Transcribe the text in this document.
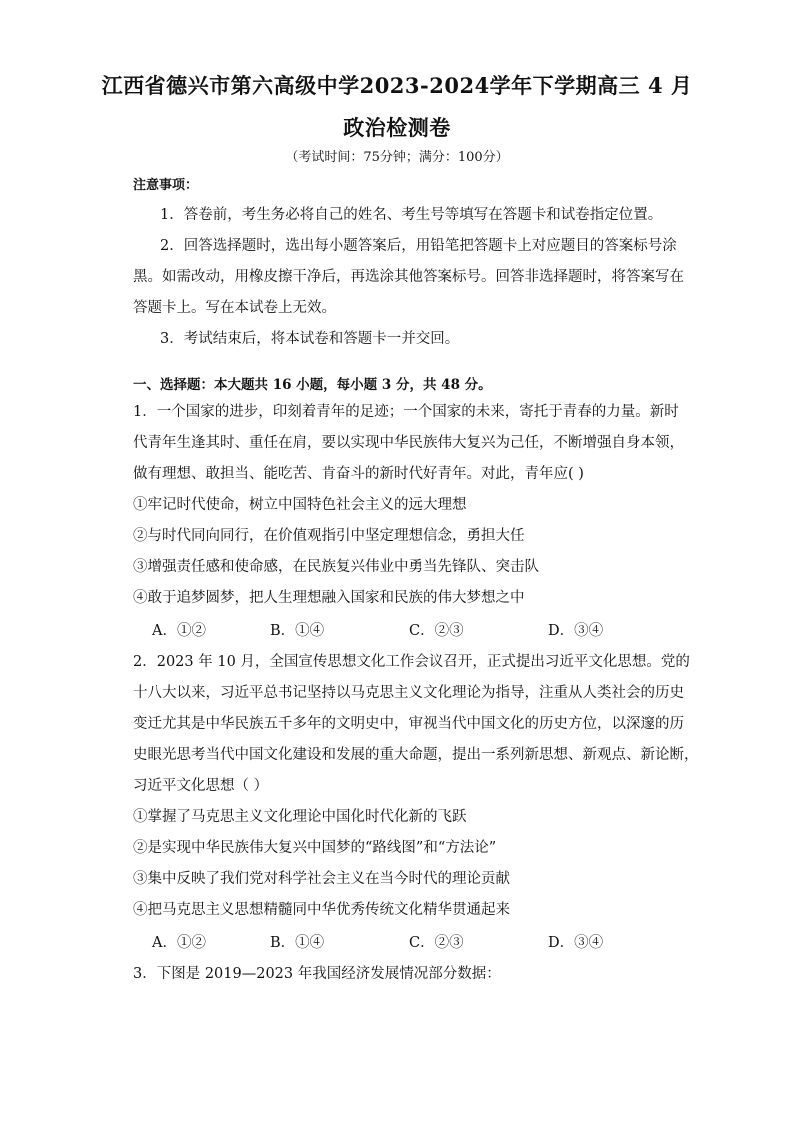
江西省德兴市第六高级中学2023-2024学年下学期高三 4 月
政治检测卷
（考试时间：75分钟；满分：100分）
注意事项：
1．答卷前，考生务必将自己的姓名、考生号等填写在答题卡和试卷指定位置。
2．回答选择题时，选出每小题答案后，用铅笔把答题卡上对应题目的答案标号涂
黑。如需改动，用橡皮擦干净后，再选涂其他答案标号。回答非选择题时，将答案写在
答题卡上。写在本试卷上无效。
3．考试结束后，将本试卷和答题卡一并交回。
一、选择题：本大题共 16 小题，每小题 3 分，共 48 分。
1．一个国家的进步，印刻着青年的足迹；一个国家的未来，寄托于青春的力量。新时
代青年生逢其时、重任在肩，要以实现中华民族伟大复兴为己任，不断增强自身本领，
做有理想、敢担当、能吃苦、肯奋斗的新时代好青年。对此，青年应( )
①牢记时代使命，树立中国特色社会主义的远大理想
②与时代同向同行，在价值观指引中坚定理想信念，勇担大任
③增强责任感和使命感，在民族复兴伟业中勇当先锋队、突击队
④敢于追梦圆梦，把人生理想融入国家和民族的伟大梦想之中
A．①②	B．①④	C．②③	D．③④
2．2023 年 10 月，全国宣传思想文化工作会议召开，正式提出习近平文化思想。党的
十八大以来，习近平总书记坚持以马克思主义文化理论为指导，注重从人类社会的历史
变迁尤其是中华民族五千多年的文明史中，审视当代中国文化的历史方位，以深邃的历
史眼光思考当代中国文化建设和发展的重大命题，提出一系列新思想、新观点、新论断，
习近平文化思想（ ）
①掌握了马克思主义文化理论中国化时代化新的飞跃
②是实现中华民族伟大复兴中国梦的“路线图”和“方法论”
③集中反映了我们党对科学社会主义在当今时代的理论贡献
④把马克思主义思想精髓同中华优秀传统文化精华贯通起来
A．①②	B．①④	C．②③	D．③④
3．下图是 2019—2023 年我国经济发展情况部分数据：
